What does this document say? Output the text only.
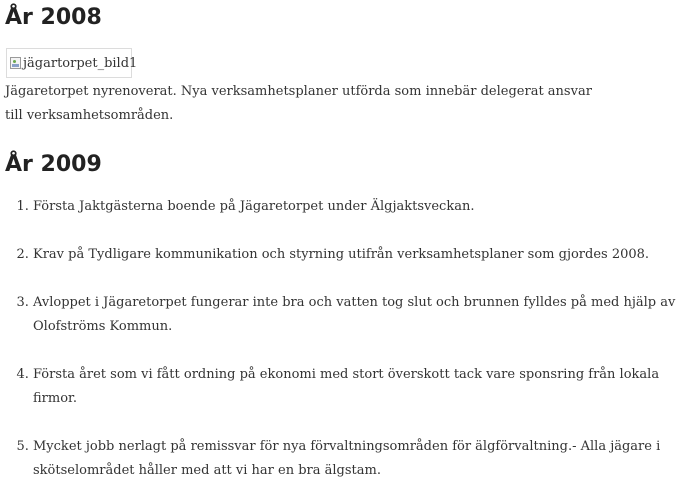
År 2008
jägartorpet_bild1

Jägaretorpet nyrenoverat. Nya verksamhetsplaner utförda som innebär delegerat ansvar till verksamhetsområden.

År 2009
1. Första Jaktgästerna boende på Jägaretorpet under Älgjaktsveckan.
2. Krav på Tydligare kommunikation och styrning utifrån verksamhetsplaner som gjordes 2008.
3. Avloppet i Jägaretorpet fungerar inte bra och vatten tog slut och brunnen fylldes på med hjälp av Olofströms Kommun.
4. Första året som vi fått ordning på ekonomi med stort överskott tack vare sponsring från lokala firmor.
5. Mycket jobb nerlagt på remissvar för nya förvaltningsområden för älgförvaltning.- Alla jägare i skötselområdet håller med att vi har en bra älgstam.
